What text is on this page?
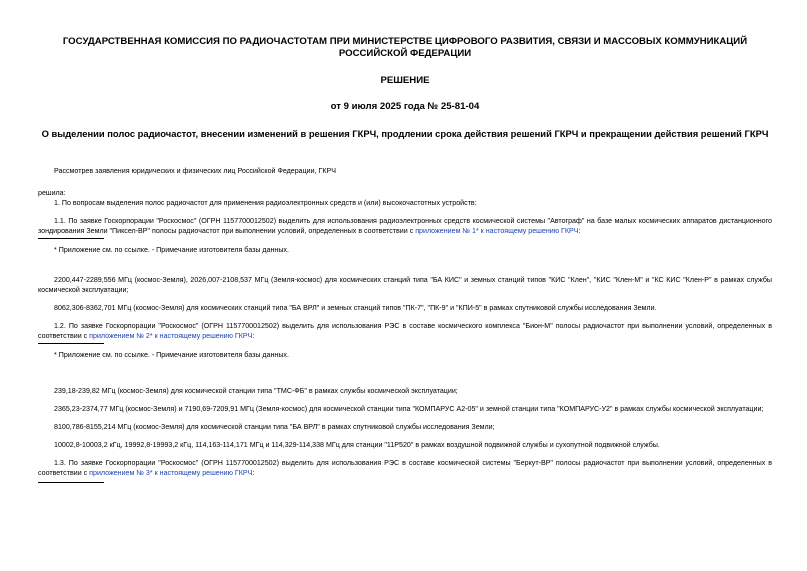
ГОСУДАРСТВЕННАЯ КОМИССИЯ ПО РАДИОЧАСТОТАМ ПРИ МИНИСТЕРСТВЕ ЦИФРОВОГО РАЗВИТИЯ, СВЯЗИ И МАССОВЫХ КОММУНИКАЦИЙ РОССИЙСКОЙ ФЕДЕРАЦИИ
РЕШЕНИЕ
от 9 июля 2025 года № 25-81-04
О выделении полос радиочастот, внесении изменений в решения ГКРЧ, продлении срока действия решений ГКРЧ и прекращении действия решений ГКРЧ

Рассмотрев заявления юридических и физических лиц Российской Федерации, ГКРЧ

решила:

1. По вопросам выделения полос радиочастот для применения радиоэлектронных средств и (или) высокочастотных устройств:

1.1. По заявке Госкорпорации "Роскосмос" (ОГРН 1157700012502) выделить для использования радиоэлектронных средств космической системы "Автограф" на базе малых космических аппаратов дистанционного зондирования Земли "Пиксел-ВР" полосы радиочастот при выполнении условий, определенных в соответствии с приложением № 1* к настоящему решению ГКРЧ:

* Приложение см. по ссылке. - Примечание изготовителя базы данных.

2200,447-2289,556 МГц (космос-Земля), 2026,007-2108,537 МГц (Земля-космос) для космических станций типа "БА КИС" и земных станций типов "КИС "Клен", "КИС "Клен-М" и "КС КИС "Клен-Р" в рамках службы космической эксплуатации;

8062,306-8362,701 МГц (космос-Земля) для космических станций типа "БА ВРЛ" и земных станций типов "ПК-7", "ПК-9" и "КПИ-5" в рамках спутниковой службы исследования Земли.

1.2. По заявке Госкорпорации "Роскосмос" (ОГРН 1157700012502) выделить для использования РЭС в составе космического комплекса "Бион-М" полосы радиочастот при выполнении условий, определенных в соответствии с приложением № 2* к настоящему решению ГКРЧ:

* Приложение см. по ссылке. - Примечание изготовителя базы данных.

239,18-239,82 МГц (космос-Земля) для космической станции типа "ТМС-ФБ" в рамках службы космической эксплуатации;

2365,23-2374,77 МГц (космос-Земля) и 7190,69-7209,91 МГц (Земля-космос) для космической станции типа "КОМПАРУС А2-05" и земной станции типа "КОМПАРУС-У2" в рамках службы космической эксплуатации;

8100,786-8155,214 МГц (космос-Земля) для космической станции типа "БА ВРЛ" в рамках спутниковой службы исследования Земли;

10002,8-10003,2 кГц, 19992,8-19993,2 кГц, 114,163-114,171 МГц и 114,329-114,338 МГц для станции "11Р520" в рамках воздушной подвижной службы и сухопутной подвижной службы.

1.3. По заявке Госкорпорации "Роскосмос" (ОГРН 1157700012502) выделить для использования РЭС в составе космической системы "Беркут-ВР" полосы радиочастот при выполнении условий, определенных в соответствии с приложением № 3* к настоящему решению ГКРЧ:
